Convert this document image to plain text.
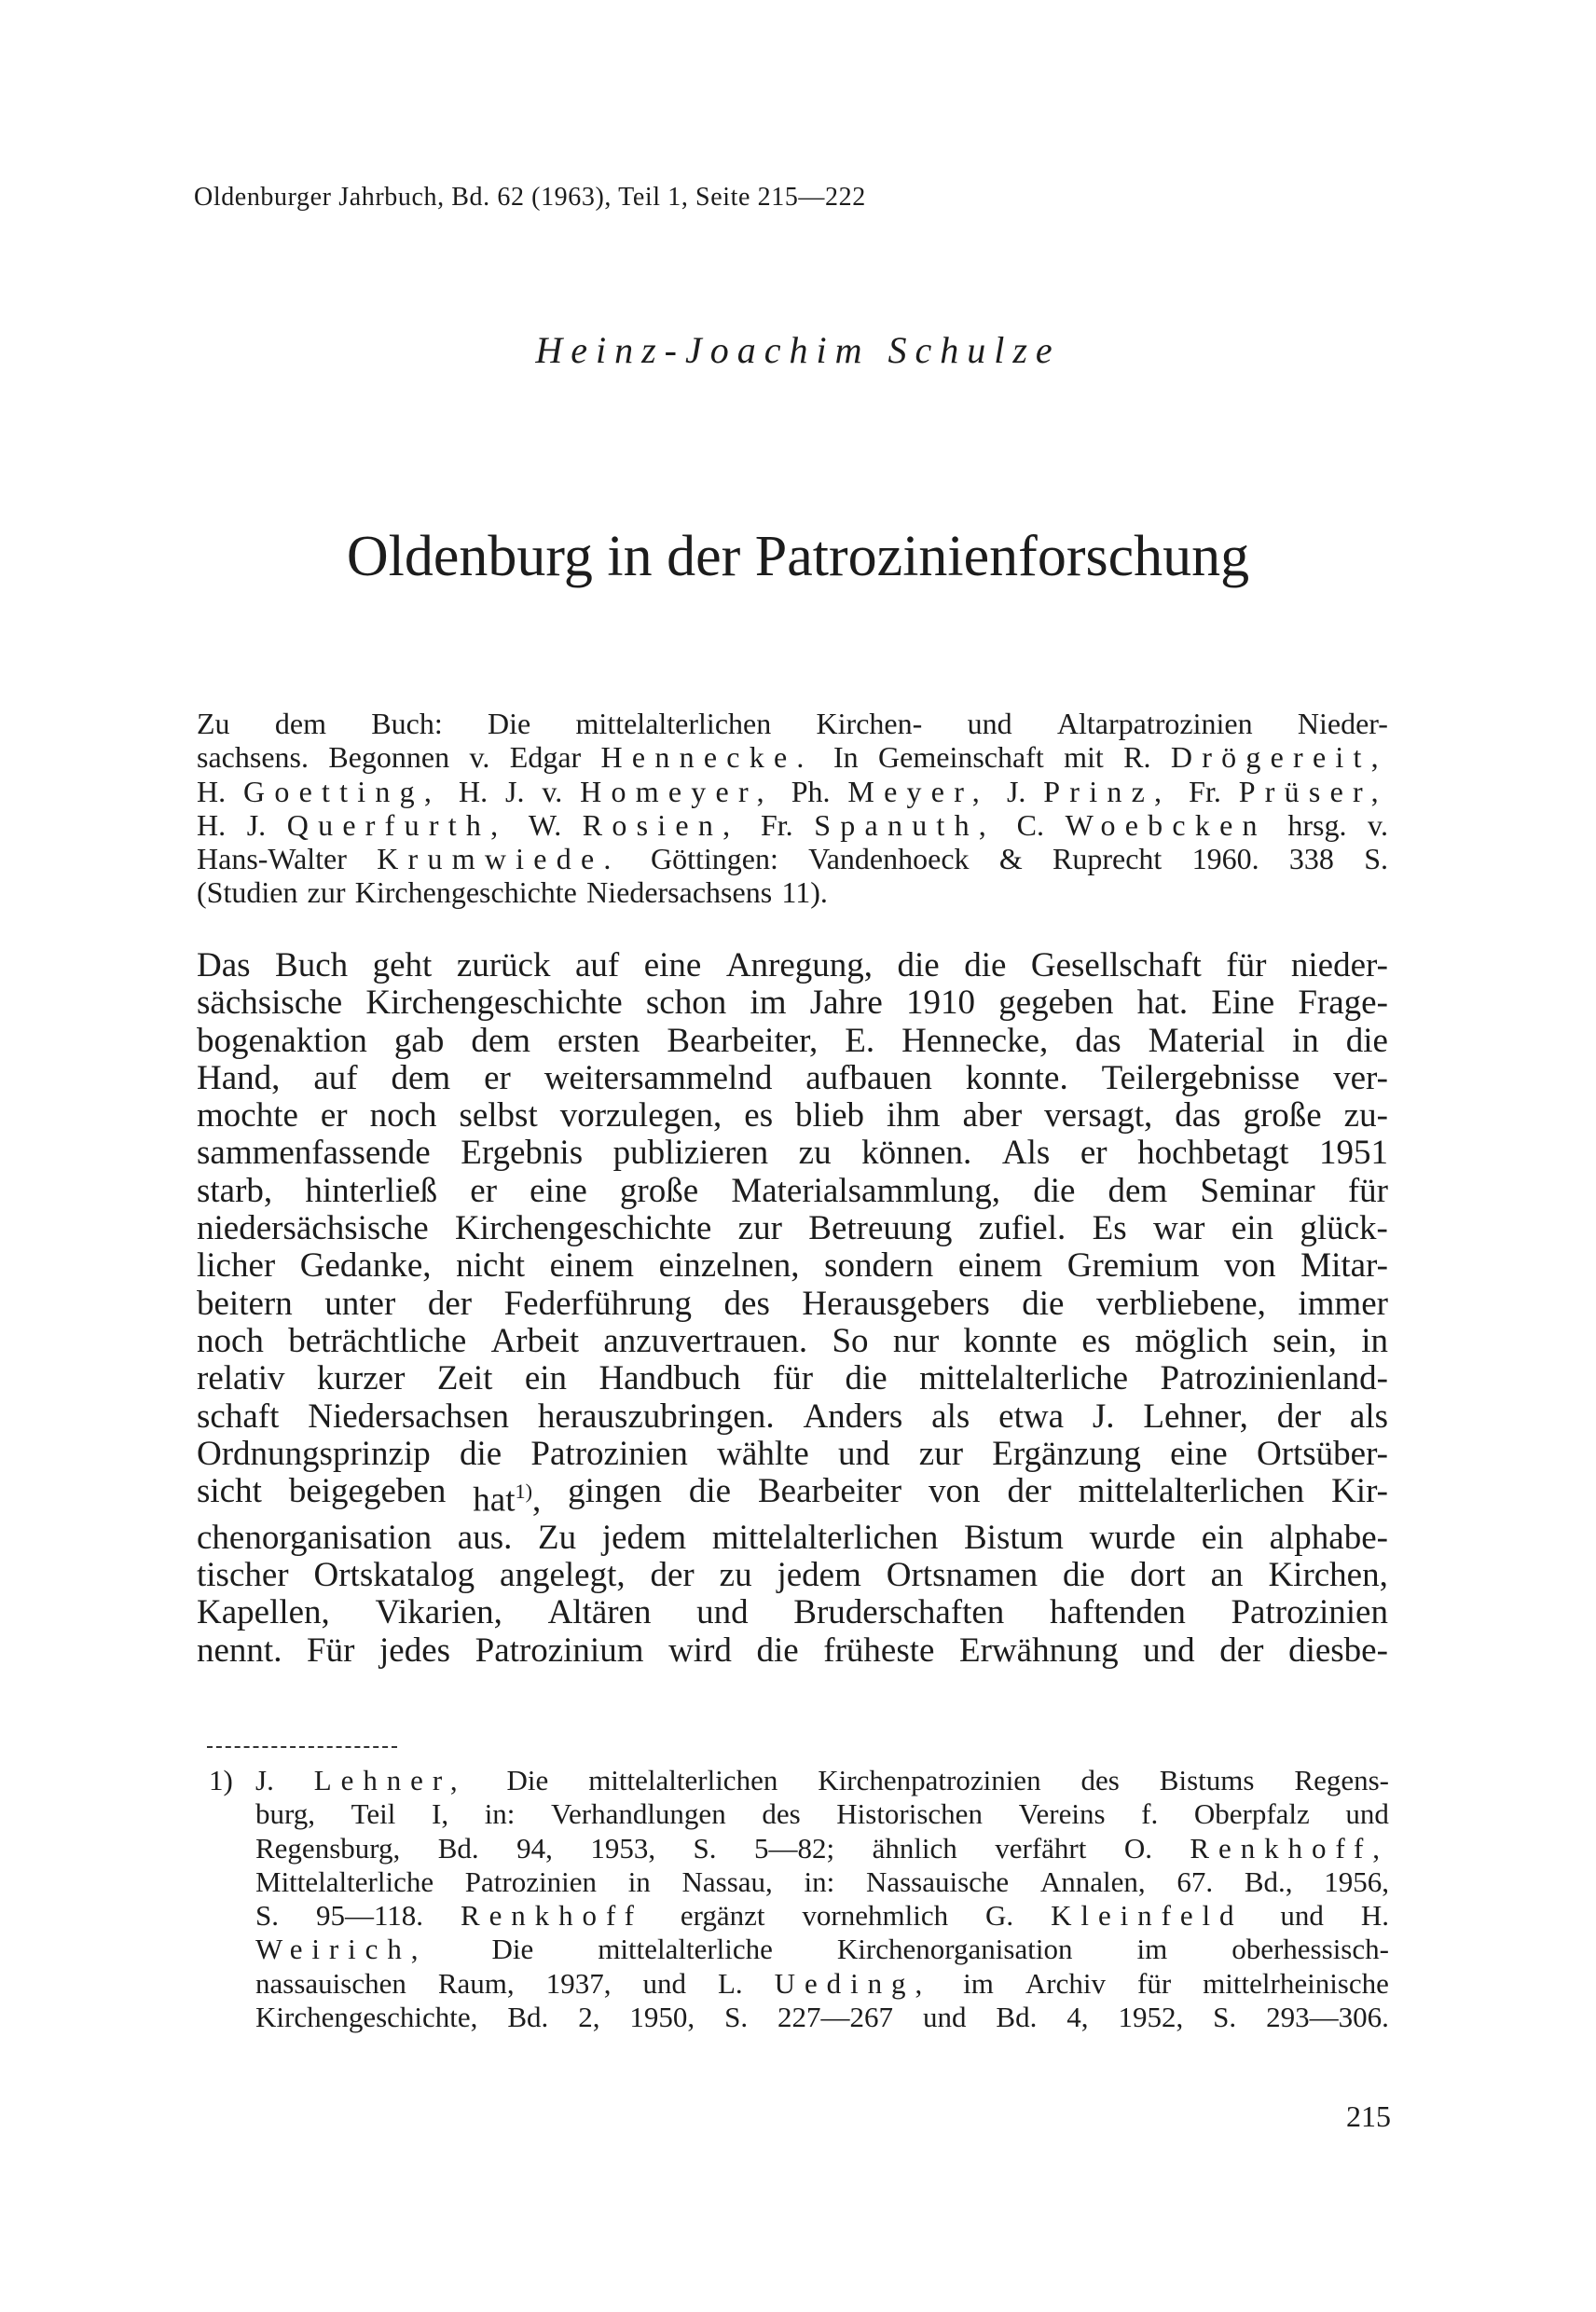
Oldenburger Jahrbuch, Bd. 62 (1963), Teil 1, Seite 215—222
Heinz-Joachim Schulze
Oldenburg in der Patrozinienforschung
Zu dem Buch: Die mittelalterlichen Kirchen- und Altarpatrozinien Nieder-
sachsens. Begonnen v. Edgar Hennecke. In Gemeinschaft mit R. Drögereit,
H. Goetting, H. J. v. Homeyer, Ph. Meyer, J. Prinz, Fr. Prüser,
H. J. Querfurth, W. Rosien, Fr. Spanuth, C. Woebcken hrsg. v.
Hans-Walter Krumwiede. Göttingen: Vandenhoeck & Ruprecht 1960. 338 S.
(Studien zur Kirchengeschichte Niedersachsens 11).
Das Buch geht zurück auf eine Anregung, die die Gesellschaft für nieder-
sächsische Kirchengeschichte schon im Jahre 1910 gegeben hat. Eine Frage-
bogenaktion gab dem ersten Bearbeiter, E. Hennecke, das Material in die
Hand, auf dem er weitersammelnd aufbauen konnte. Teilergebnisse ver-
mochte er noch selbst vorzulegen, es blieb ihm aber versagt, das große zu-
sammenfassende Ergebnis publizieren zu können. Als er hochbetagt 1951
starb, hinterließ er eine große Materialsammlung, die dem Seminar für
niedersächsische Kirchengeschichte zur Betreuung zufiel. Es war ein glück-
licher Gedanke, nicht einem einzelnen, sondern einem Gremium von Mitar-
beitern unter der Federführung des Herausgebers die verbliebene, immer
noch beträchtliche Arbeit anzuvertrauen. So nur konnte es möglich sein, in
relativ kurzer Zeit ein Handbuch für die mittelalterliche Patrozinienland-
schaft Niedersachsen herauszubringen. Anders als etwa J. Lehner, der als
Ordnungsprinzip die Patrozinien wählte und zur Ergänzung eine Ortsüber-
sicht beigegeben hat$^{1)}$, gingen die Bearbeiter von der mittelalterlichen Kir-
chenorganisation aus. Zu jedem mittelalterlichen Bistum wurde ein alphabe-
tischer Ortskatalog angelegt, der zu jedem Ortsnamen die dort an Kirchen,
Kapellen, Vikarien, Altären und Bruderschaften haftenden Patrozinien
nennt. Für jedes Patrozinium wird die früheste Erwähnung und der diesbe-
1) J. Lehner, Die mittelalterlichen Kirchenpatrozinien des Bistums Regens-
burg, Teil I, in: Verhandlungen des Historischen Vereins f. Oberpfalz und
Regensburg, Bd. 94, 1953, S. 5—82; ähnlich verfährt O. Renkhoff,
Mittelalterliche Patrozinien in Nassau, in: Nassauische Annalen, 67. Bd., 1956,
S. 95—118. Renkhoff ergänzt vornehmlich G. Kleinfeld und H.
Weirich, Die mittelalterliche Kirchenorganisation im oberhessisch-
nassauischen Raum, 1937, und L. Ueding, im Archiv für mittelrheinische
Kirchengeschichte, Bd. 2, 1950, S. 227—267 und Bd. 4, 1952, S. 293—306.
215
